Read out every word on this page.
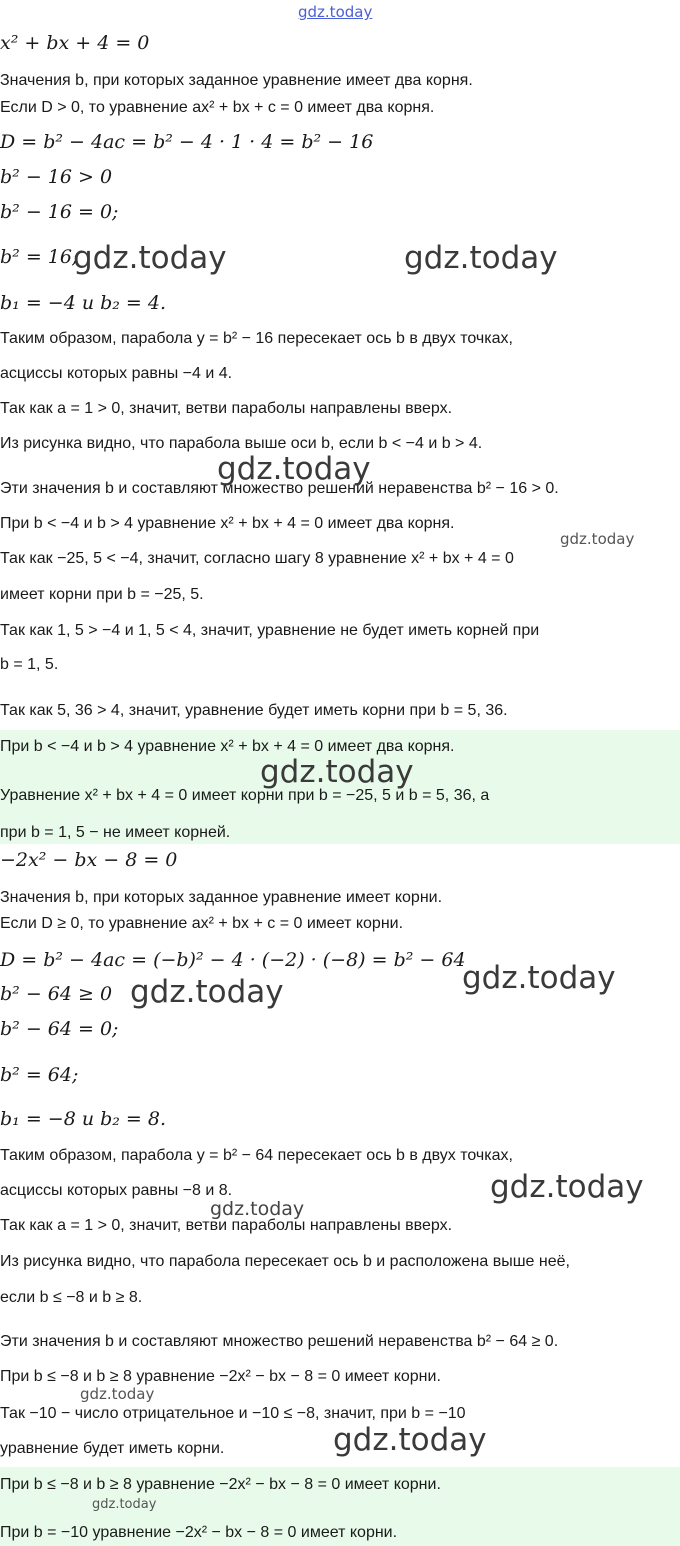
gdz.today
x² + bx + 4 = 0
Значения b, при которых заданное уравнение имеет два корня.
Если D > 0, то уравнение ax² + bx + c = 0 имеет два корня.
D = b² − 4ac = b² − 4 · 1 · 4 = b² − 16
b² − 16 > 0
b² − 16 = 0;
b² = 16;
b₁ = −4 и b₂ = 4.
Таким образом, парабола y = b² − 16 пересекает ось b в двух точках,
асциссы которых равны −4 и 4.
Так как a = 1 > 0, значит, ветви параболы направлены вверх.
Из рисунка видно, что парабола выше оси b, если b < −4 и b > 4.
Эти значения b и составляют множество решений неравенства b² − 16 > 0.
При b < −4 и b > 4 уравнение x² + bx + 4 = 0 имеет два корня.
Так как −25, 5 < −4, значит, согласно шагу 8 уравнение x² + bx + 4 = 0
имеет корни при b = −25, 5.
Так как 1, 5 > −4 и 1, 5 < 4, значит, уравнение не будет иметь корней при
b = 1, 5.
Так как 5, 36 > 4, значит, уравнение будет иметь корни при b = 5, 36.
При b < −4 и b > 4 уравнение x² + bx + 4 = 0 имеет два корня.
Уравнение x² + bx + 4 = 0 имеет корни при b = −25, 5 и b = 5, 36, а
при b = 1, 5 − не имеет корней.
−2x² − bx − 8 = 0
Значения b, при которых заданное уравнение имеет корни.
Если D ≥ 0, то уравнение ax² + bx + c = 0 имеет корни.
D = b² − 4ac = (−b)² − 4 · (−2) · (−8) = b² − 64
b² − 64 ≥ 0
b² − 64 = 0;
b² = 64;
b₁ = −8 и b₂ = 8.
Таким образом, парабола y = b² − 64 пересекает ось b в двух точках,
асциссы которых равны −8 и 8.
Так как a = 1 > 0, значит, ветви параболы направлены вверх.
Из рисунка видно, что парабола пересекает ось b и расположена выше неё,
если b ≤ −8 и b ≥ 8.
Эти значения b и составляют множество решений неравенства b² − 64 ≥ 0.
При b ≤ −8 и b ≥ 8 уравнение −2x² − bx − 8 = 0 имеет корни.
Так −10 − число отрицательное и −10 ≤ −8, значит, при b = −10
уравнение будет иметь корни.
При b ≤ −8 и b ≥ 8 уравнение −2x² − bx − 8 = 0 имеет корни.
При b = −10 уравнение −2x² − bx − 8 = 0 имеет корни.
gdz.today	gdz.today
gdz.today
gdz.today
gdz.today
gdz.today
gdz.today
gdz.today
gdz.today
gdz.today
gdz.today
gdz.today
